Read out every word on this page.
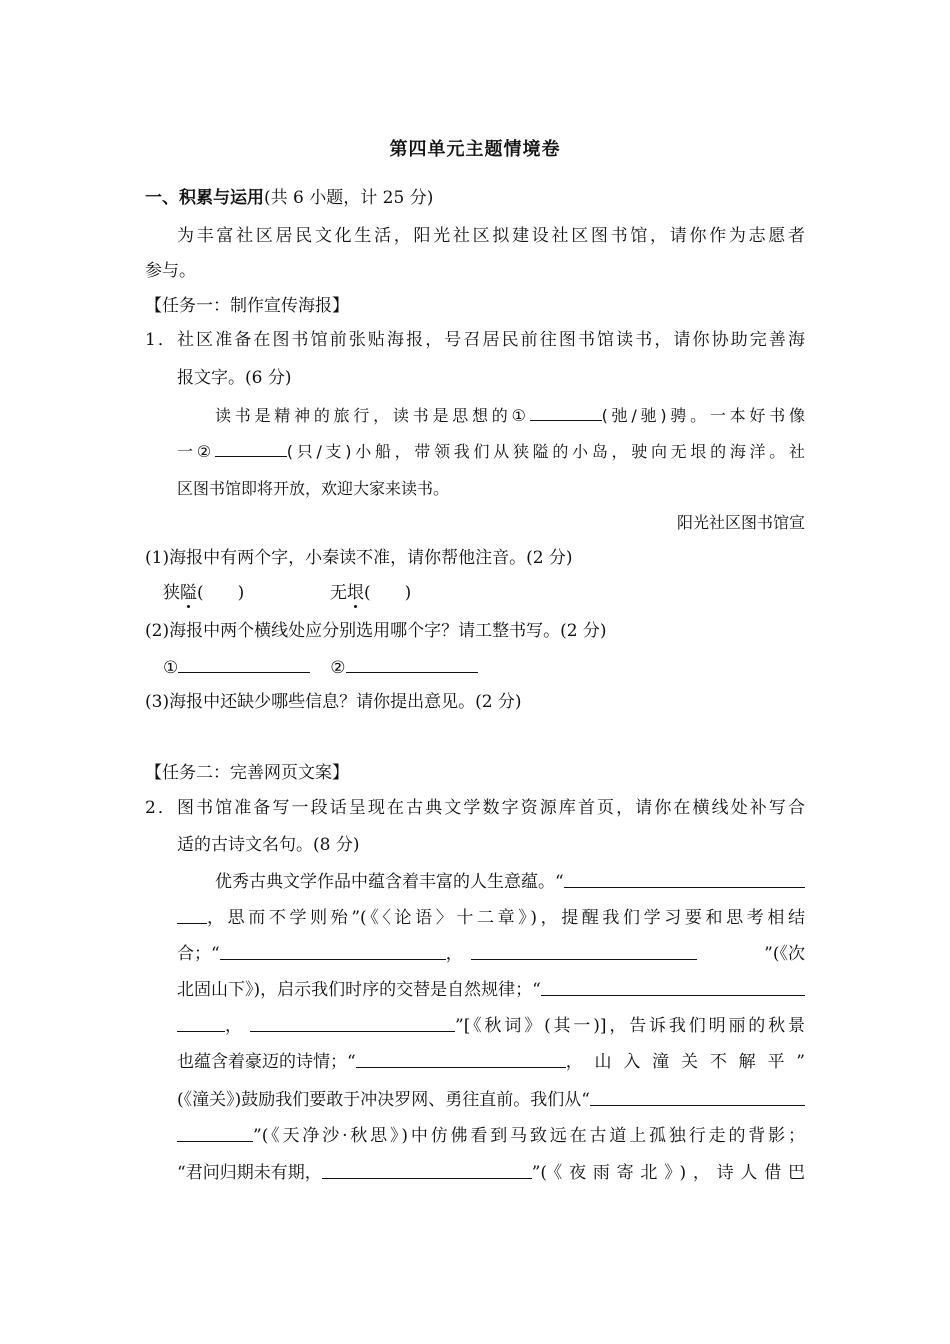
第四单元主题情境卷
一、积累与运用(共 6 小题，计 25 分)
为丰富社区居民文化生活，阳光社区拟建设社区图书馆，请你作为志愿者
参与。
【任务一：制作宣传海报】
1．社区准备在图书馆前张贴海报，号召居民前往图书馆读书，请你协助完善海
报文字。(6 分)
读书是精神的旅行，读书是思想的①	(弛/驰)骋。一本好书像
一②	(只/支)小船，带领我们从狭隘的小岛，驶向无垠的海洋。社
区图书馆即将开放，欢迎大家来读书。
阳光社区图书馆宣
(1)海报中有两个字，小秦读不准，请你帮他注音。(2 分)
狭隘(　　)	无垠(　　)
(2)海报中两个横线处应分别选用哪个字？请工整书写。(2 分)
①	②
(3)海报中还缺少哪些信息？请你提出意见。(2 分)
【任务二：完善网页文案】
2．图书馆准备写一段话呈现在古典文学数字资源库首页，请你在横线处补写合
适的古诗文名句。(8 分)
优秀古典文学作品中蕴含着丰富的人生意蕴。“
，思而不学则殆”(《〈论语〉十二章》)，提醒我们学习要和思考相结
合；“	，	”(《次
北固山下》)，启示我们时序的交替是自然规律；“
，	”[《秋词》(其一)]，告诉我们明丽的秋景
也蕴含着豪迈的诗情；“	，山入潼关不解平”
(《潼关》)鼓励我们要敢于冲决罗网、勇往直前。我们从“
”(《天净沙·秋思》)中仿佛看到马致远在古道上孤独行走的背影；
“君问归期未有期，	”(《夜雨寄北》)，诗人借巴
